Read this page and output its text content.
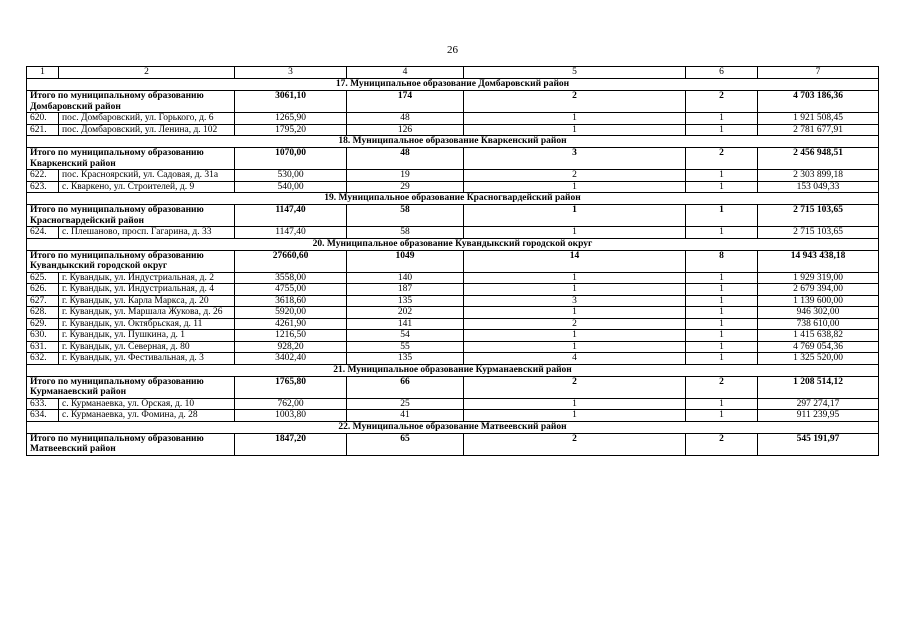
26
1	2	3	4	5	6	7
17. Муниципальное образование Домбаровский район						
Итого по муниципальному образованию Домбаровский район		3061,10	174	2	2	4 703 186,36
620.	пос. Домбаровский, ул. Горького, д. 6	1265,90	48	1	1	1 921 508,45
621.	пос. Домбаровский, ул. Ленина, д. 102	1795,20	126	1	1	2 781 677,91
18. Муниципальное образование Кваркенский район						
Итого по муниципальному образованию Кваркенский район		1070,00	48	3	2	2 456 948,51
622.	пос. Красноярский, ул. Садовая, д. 31а	530,00	19	2	1	2 303 899,18
623.	с. Кваркено, ул. Строителей, д. 9	540,00	29	1	1	153 049,33
19. Муниципальное образование Красногвардейский район						
Итого по муниципальному образованию Красногвардейский район		1147,40	58	1	1	2 715 103,65
624.	с. Плешаново, просп. Гагарина, д. 33	1147,40	58	1	1	2 715 103,65
20. Муниципальное образование Кувандыкский городской округ						
Итого по муниципальному образованию Кувандыкский городской округ		27660,60	1049	14	8	14 943 438,18
625.	г. Кувандык, ул. Индустриальная, д. 2	3558,00	140	1	1	1 929 319,00
626.	г. Кувандык, ул. Индустриальная, д. 4	4755,00	187	1	1	2 679 394,00
627.	г. Кувандык, ул. Карла Маркса, д. 20	3618,60	135	3	1	1 139 600,00
628.	г. Кувандык, ул. Маршала Жукова, д. 26	5920,00	202	1	1	946 302,00
629.	г. Кувандык, ул. Октябрьская, д. 11	4261,90	141	2	1	738 610,00
630.	г. Кувандык, ул. Пушкина, д. 1	1216,50	54	1	1	1 415 638,82
631.	г. Кувандык, ул. Северная, д. 80	928,20	55	1	1	4 769 054,36
632.	г. Кувандык, ул. Фестивальная, д. 3	3402,40	135	4	1	1 325 520,00
21. Муниципальное образование Курманаевский район						
Итого по муниципальному образованию Курманаевский район		1765,80	66	2	2	1 208 514,12
633.	с. Курманаевка, ул. Орская, д. 10	762,00	25	1	1	297 274,17
634.	с. Курманаевка, ул. Фомина, д. 28	1003,80	41	1	1	911 239,95
22. Муниципальное образование Матвеевский район						
Итого по муниципальному образованию Матвеевский район		1847,20	65	2	2	545 191,97
